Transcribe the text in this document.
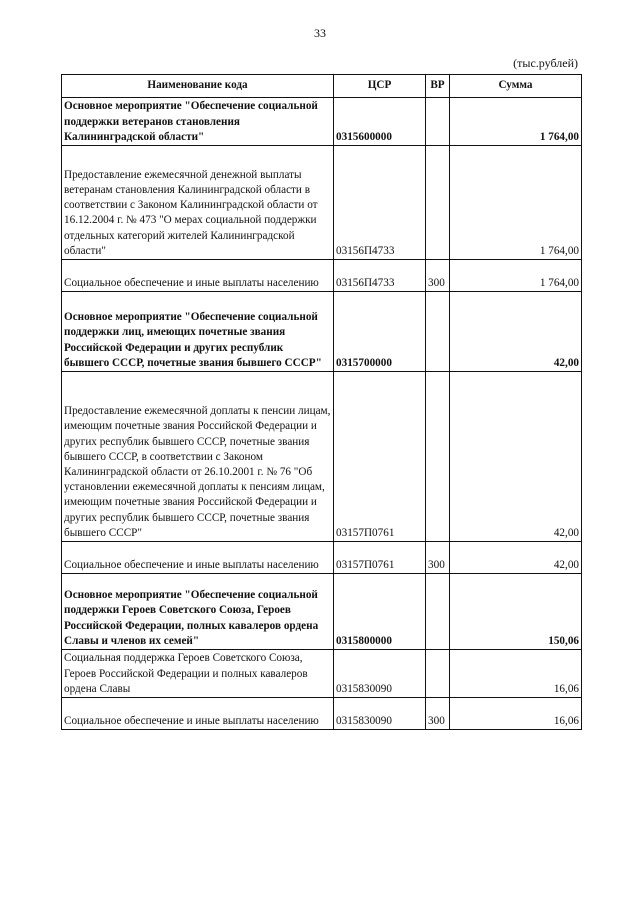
33
(тыс.рублей)
Наименование кода	ЦСР	ВР	Сумма
Основное мероприятие "Обеспечение социальной поддержки ветеранов становления Калининградской области"	0315600000		1 764,00
Предоставление ежемесячной денежной выплаты ветеранам становления Калининградской области в соответствии с Законом Калининградской области от 16.12.2004 г. № 473 "О мерах социальной поддержки отдельных категорий жителей Калининградской области"	03156П4733		1 764,00
Социальное обеспечение и иные выплаты населению	03156П4733	300	1 764,00
Основное мероприятие "Обеспечение социальной поддержки лиц, имеющих почетные звания Российской Федерации и других республик бывшего СССР, почетные звания бывшего СССР"	0315700000		42,00
Предоставление ежемесячной доплаты к пенсии лицам, имеющим почетные звания Российской Федерации и других республик бывшего СССР, почетные звания бывшего СССР, в соответствии с Законом Калининградской области от 26.10.2001 г. № 76 "Об установлении ежемесячной доплаты к пенсиям лицам, имеющим почетные звания Российской Федерации и других республик бывшего СССР, почетные звания бывшего СССР"	03157П0761		42,00
Социальное обеспечение и иные выплаты населению	03157П0761	300	42,00
Основное мероприятие "Обеспечение социальной поддержки Героев Советского Союза, Героев Российской Федерации, полных кавалеров ордена Славы и членов их семей"	0315800000		150,06
Социальная поддержка Героев Советского Союза, Героев Российской Федерации и полных кавалеров ордена Славы	0315830090		16,06
Социальное обеспечение и иные выплаты населению	0315830090	300	16,06
